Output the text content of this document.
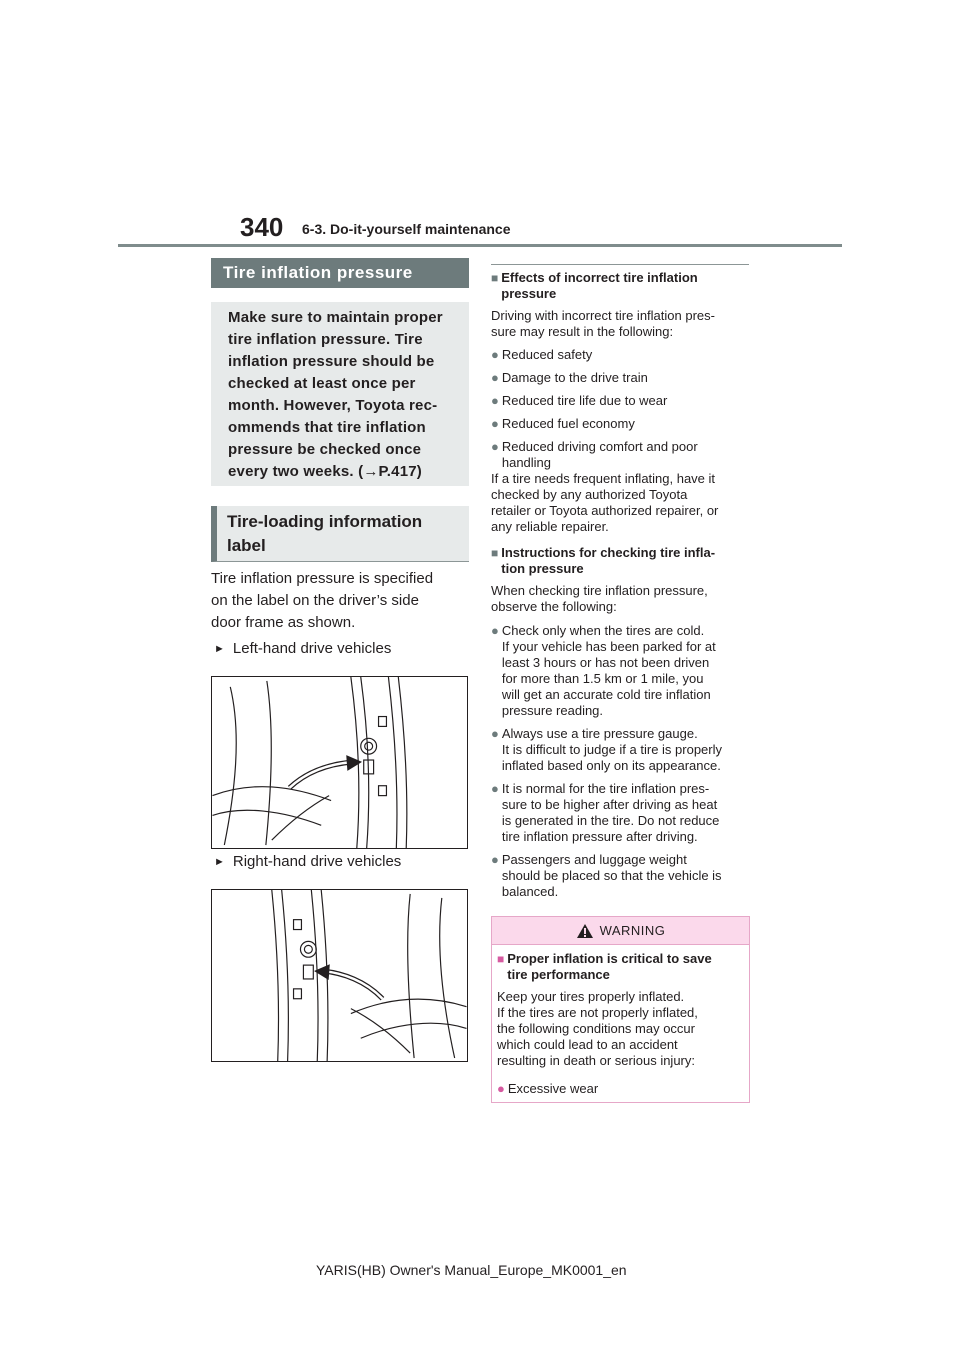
340 6-3. Do-it-yourself maintenance
Tire inflation pressure
Make sure to maintain proper tire inflation pressure. Tire inflation pressure should be checked at least once per month. However, Toyota rec-ommends that tire inflation pressure be checked once every two weeks. (→P.417)
Tire-loading information
label
Tire inflation pressure is specified
on the label on the driver’s side
door frame as shown.
► Left-hand drive vehicles
► Right-hand drive vehicles
■ Effects of incorrect tire inflation
pressure
Driving with incorrect tire inflation pres-
sure may result in the following:
● Reduced safety
● Damage to the drive train
● Reduced tire life due to wear
● Reduced fuel economy
● Reduced driving comfort and poor
handling
If a tire needs frequent inflating, have it
checked by any authorized Toyota
retailer or Toyota authorized repairer, or
any reliable repairer.
■ Instructions for checking tire infla-
tion pressure
When checking tire inflation pressure,
observe the following:
● Check only when the tires are cold.
If your vehicle has been parked for at
least 3 hours or has not been driven
for more than 1.5 km or 1 mile, you
will get an accurate cold tire inflation
pressure reading.
● Always use a tire pressure gauge.
It is difficult to judge if a tire is properly
inflated based only on its appearance.
● It is normal for the tire inflation pres-
sure to be higher after driving as heat
is generated in the tire. Do not reduce
tire inflation pressure after driving.
● Passengers and luggage weight
should be placed so that the vehicle is
balanced.
WARNING
■ Proper inflation is critical to save
tire performance
Keep your tires properly inflated.
If the tires are not properly inflated,
the following conditions may occur
which could lead to an accident
resulting in death or serious injury:
● Excessive wear
YARIS(HB) Owner's Manual_Europe_MK0001_en
